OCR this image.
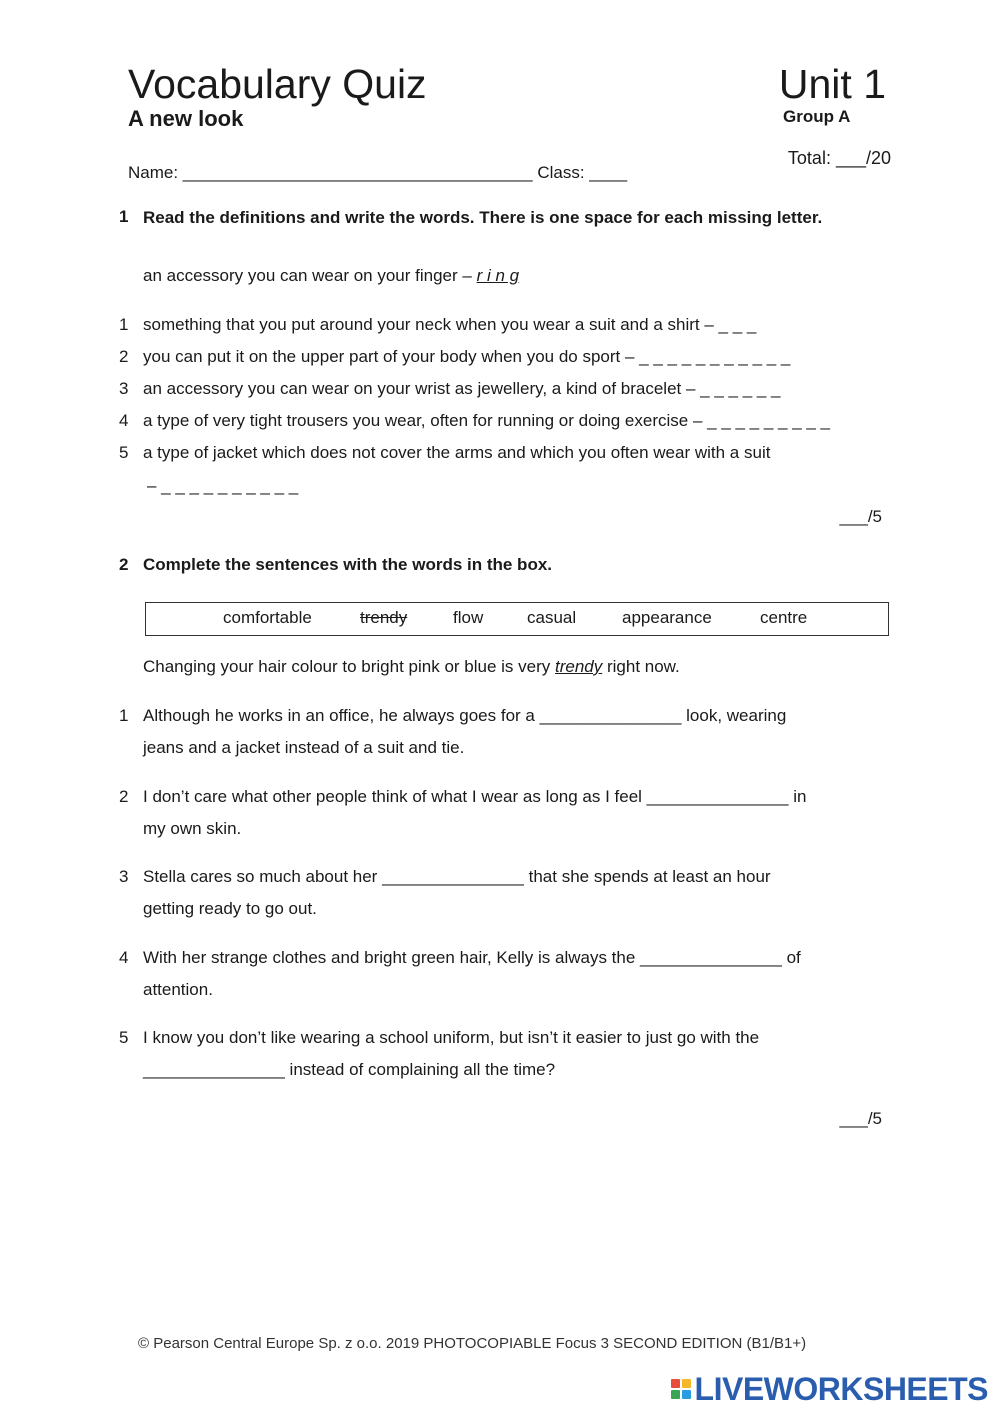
Vocabulary Quiz
A new look
Unit 1
Group A
Total: ___/20
Name: _____________________________________ Class: ____
1 Read the definitions and write the words. There is one space for each missing letter.
an accessory you can wear on your finger – r i n g
1 something that you put around your neck when you wear a suit and a shirt – _ _ _
2 you can put it on the upper part of your body when you do sport – _ _ _ _ _ _ _ _ _ _ _
3 an accessory you can wear on your wrist as jewellery, a kind of bracelet – _ _ _ _ _ _
4 a type of very tight trousers you wear, often for running or doing exercise – _ _ _ _ _ _ _ _ _
5 a type of jacket which does not cover the arms and which you often wear with a suit
– _ _ _ _ _ _ _ _ _ _
___/5
2 Complete the sentences with the words in the box.
comfortable	trendy	flow	casual	appearance	centre
Changing your hair colour to bright pink or blue is very trendy right now.
1 Although he works in an office, he always goes for a _______________ look, wearing
jeans and a jacket instead of a suit and tie.
2 I don’t care what other people think of what I wear as long as I feel _______________ in
my own skin.
3 Stella cares so much about her _______________ that she spends at least an hour
getting ready to go out.
4 With her strange clothes and bright green hair, Kelly is always the _______________ of
attention.
5 I know you don’t like wearing a school uniform, but isn’t it easier to just go with the
_______________ instead of complaining all the time?
___/5
© Pearson Central Europe Sp. z o.o. 2019 PHOTOCOPIABLE Focus 3 SECOND EDITION (B1/B1+)
LIVEWORKSHEETS
